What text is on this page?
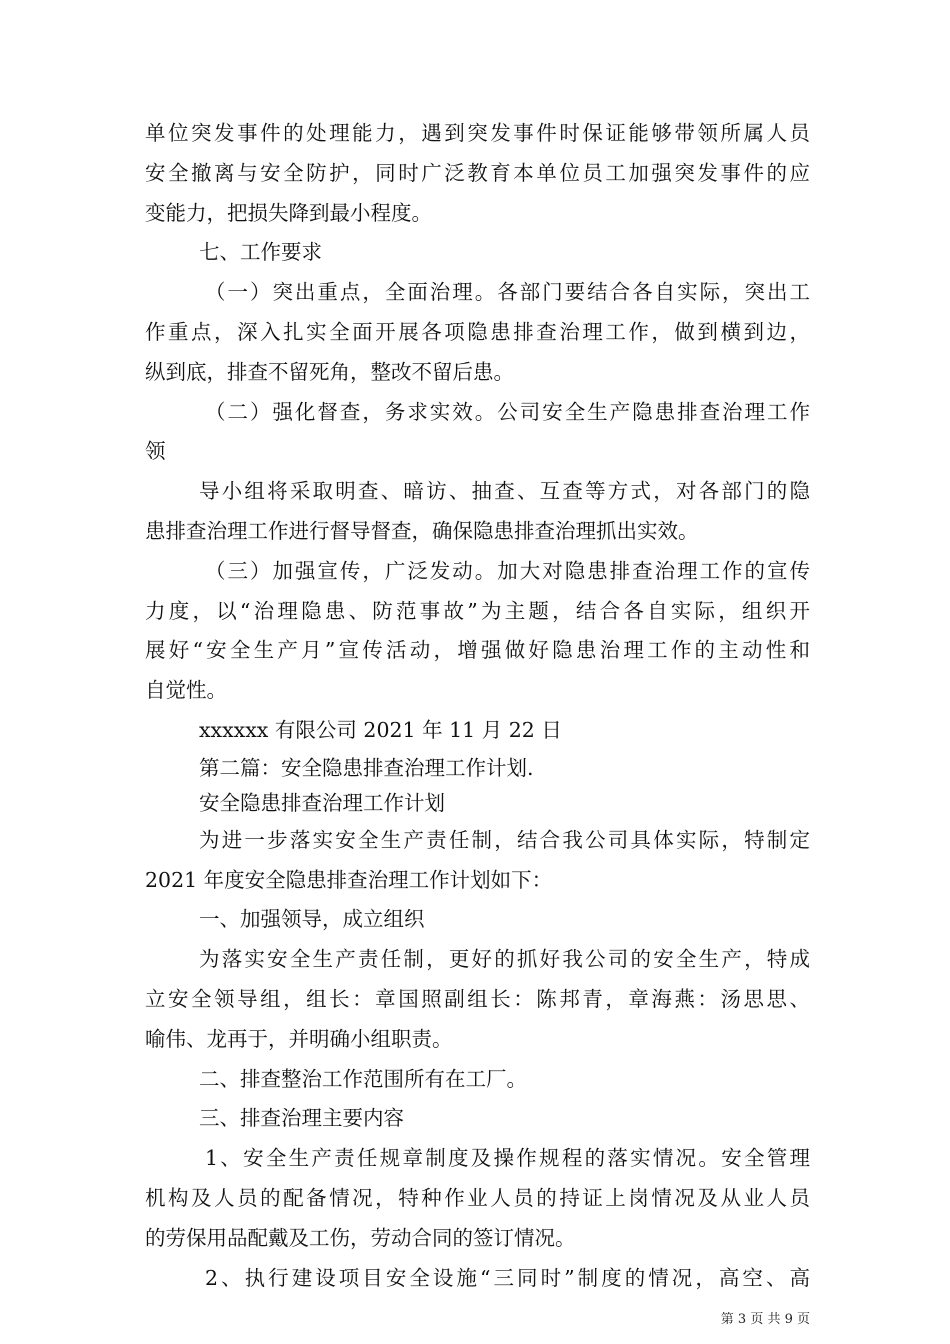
单位突发事件的处理能力，遇到突发事件时保证能够带领所属人员
安全撤离与安全防护，同时广泛教育本单位员工加强突发事件的应
变能力，把损失降到最小程度。
七、工作要求
（一）突出重点，全面治理。各部门要结合各自实际，突出工
作重点，深入扎实全面开展各项隐患排查治理工作，做到横到边，
纵到底，排查不留死角，整改不留后患。
（二）强化督查，务求实效。公司安全生产隐患排查治理工作
领
导小组将采取明查、暗访、抽查、互查等方式，对各部门的隐
患排查治理工作进行督导督查，确保隐患排查治理抓出实效。
（三）加强宣传，广泛发动。加大对隐患排查治理工作的宣传
力度，以“治理隐患、防范事故”为主题，结合各自实际，组织开
展好“安全生产月”宣传活动，增强做好隐患治理工作的主动性和
自觉性。
xxxxxx 有限公司 2021 年 11 月 22 日
第二篇：安全隐患排查治理工作计划.
安全隐患排查治理工作计划
为进一步落实安全生产责任制，结合我公司具体实际，特制定
2021 年度安全隐患排查治理工作计划如下：
一、加强领导，成立组织
为落实安全生产责任制，更好的抓好我公司的安全生产，特成
立安全领导组，组长：章国照副组长：陈邦青，章海燕：汤思思、
喻伟、龙再于，并明确小组职责。
二、排查整治工作范围所有在工厂。
三、排查治理主要内容
1、安全生产责任规章制度及操作规程的落实情况。安全管理
机构及人员的配备情况，特种作业人员的持证上岗情况及从业人员
的劳保用品配戴及工伤，劳动合同的签订情况。
2、执行建设项目安全设施“三同时”制度的情况，高空、高
第 3 页 共 9 页
